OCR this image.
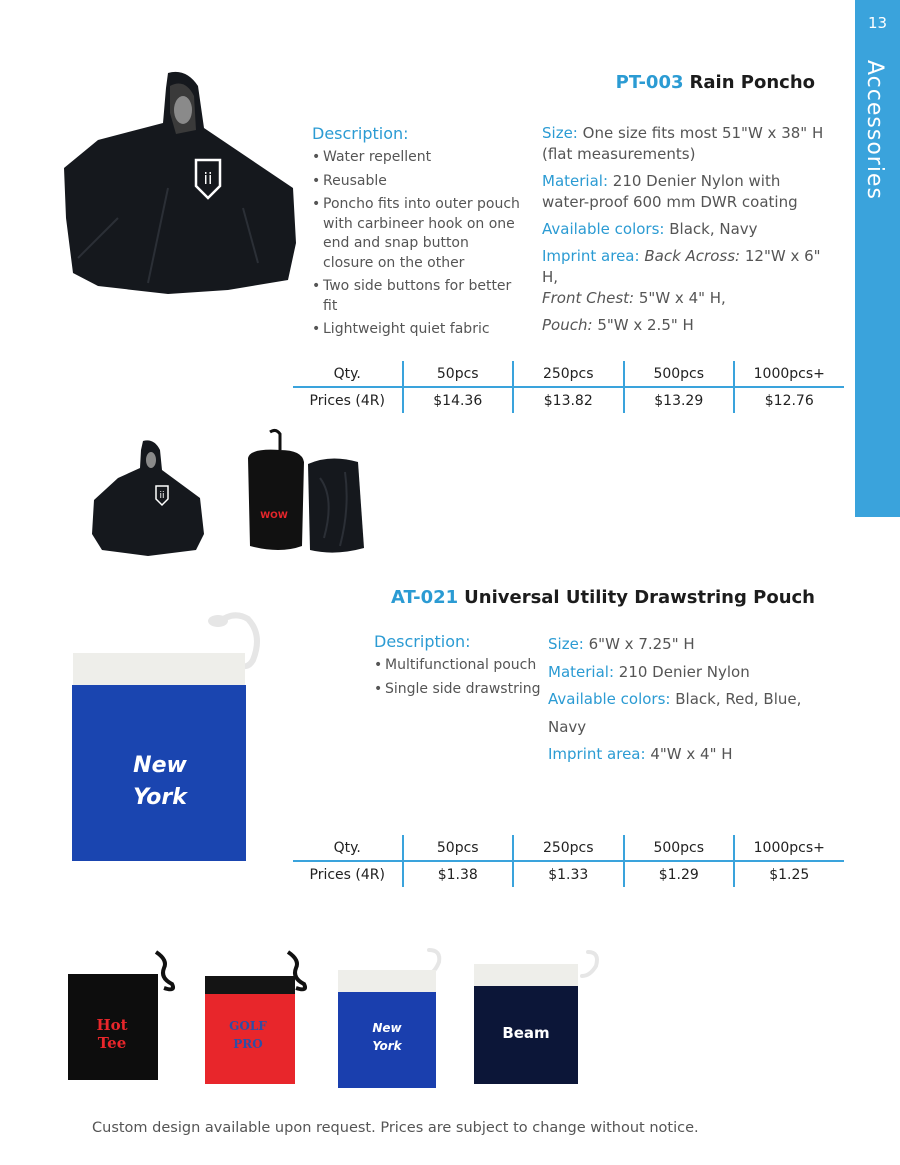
13
Accessories
PT-003 Rain Poncho
ii
Description:
• Water repellent
• Reusable
• Poncho fits into outer pouch with carbineer hook on one end and snap button closure on the other
• Two side buttons for better fit
• Lightweight quiet fabric
Size: One size fits most 51"W x 38" H (flat measurements)
Material: 210 Denier Nylon with water-proof 600 mm DWR coating
Available colors: Black, Navy
Imprint area: Back Across: 12"W x 6" H,
Front Chest: 5"W x 4" H,
Pouch: 5"W x 2.5" H
Qty.	50pcs	250pcs	500pcs	1000pcs+
Prices (4R)	$14.36	$13.82	$13.29	$12.76
ii
WOW
AT-021 Universal Utility Drawstring Pouch
New
York
Description:
• Multifunctional pouch
• Single side drawstring
Size: 6"W x 7.25" H
Material: 210 Denier Nylon
Available colors: Black, Red, Blue, Navy
Imprint area: 4"W x 4" H
Qty.	50pcs	250pcs	500pcs	1000pcs+
Prices (4R)	$1.38	$1.33	$1.29	$1.25
Hot
Tee
GOLF
PRO
New
York
Beam
Custom design available upon request. Prices are subject to change without notice.
